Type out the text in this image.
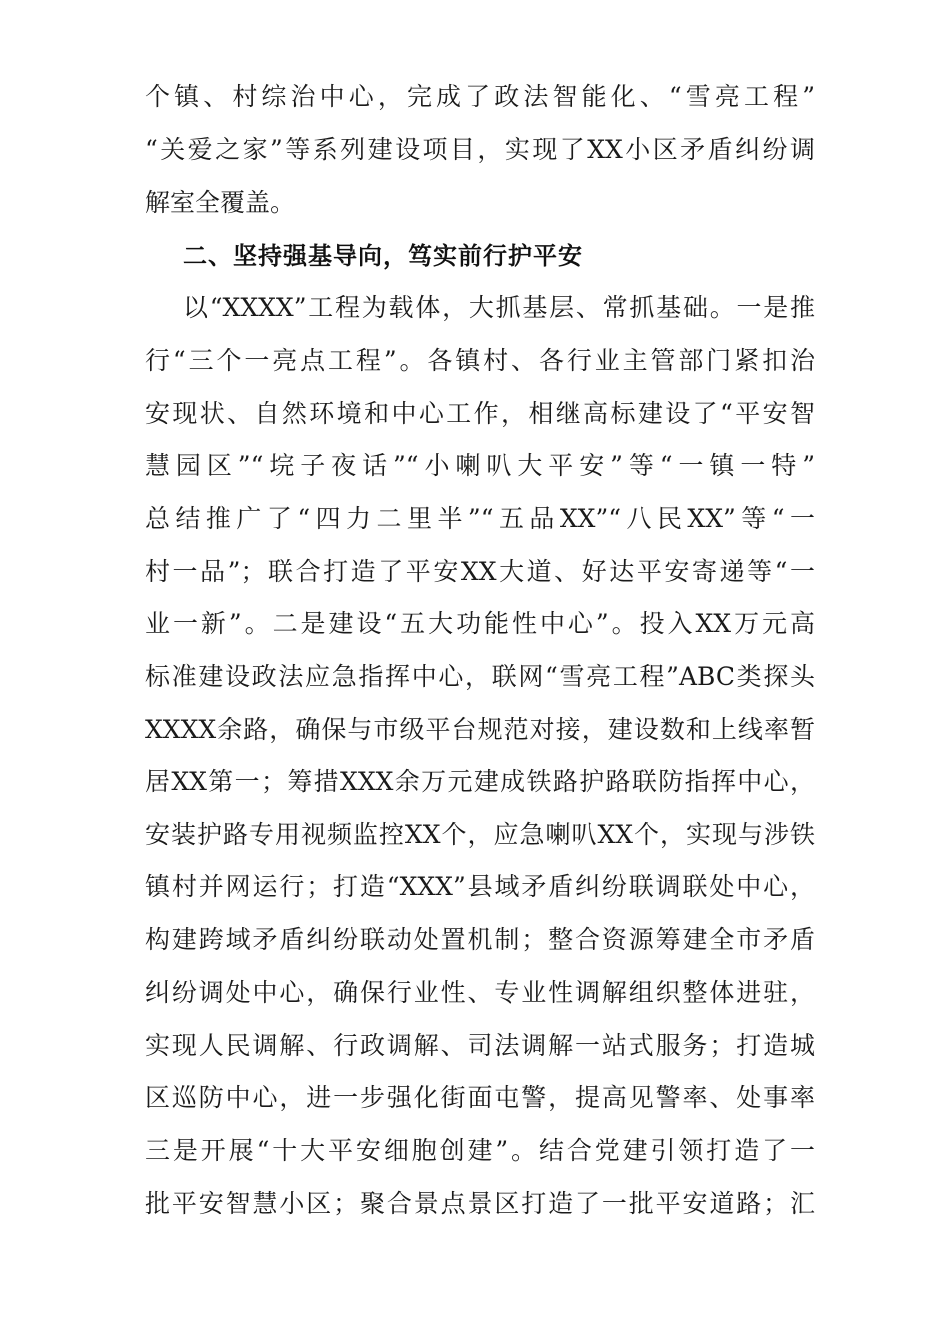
个镇、村综治中心，完成了政法智能化、“雪亮工程”
“关爱之家”等系列建设项目，实现了XX小区矛盾纠纷调
解室全覆盖。
二、坚持强基导向，笃实前行护平安
以“XXXX”工程为载体，大抓基层、常抓基础。一是推
行“三个一亮点工程”。各镇村、各行业主管部门紧扣治
安现状、自然环境和中心工作，相继高标建设了“平安智
慧园区”“垸子夜话”“小喇叭大平安”等“一镇一特”
总结推广了“四力二里半”“五品XX”“八民XX”等“一
村一品”；联合打造了平安XX大道、好达平安寄递等“一
业一新”。二是建设“五大功能性中心”。投入XX万元高
标准建设政法应急指挥中心，联网“雪亮工程”ABC类探头
XXXX余路，确保与市级平台规范对接，建设数和上线率暂
居XX第一；筹措XXX余万元建成铁路护路联防指挥中心，
安装护路专用视频监控XX个，应急喇叭XX个，实现与涉铁
镇村并网运行；打造“XXX”县域矛盾纠纷联调联处中心，
构建跨域矛盾纠纷联动处置机制；整合资源筹建全市矛盾
纠纷调处中心，确保行业性、专业性调解组织整体进驻，
实现人民调解、行政调解、司法调解一站式服务；打造城
区巡防中心，进一步强化街面屯警，提高见警率、处事率
三是开展“十大平安细胞创建”。结合党建引领打造了一
批平安智慧小区；聚合景点景区打造了一批平安道路；汇
